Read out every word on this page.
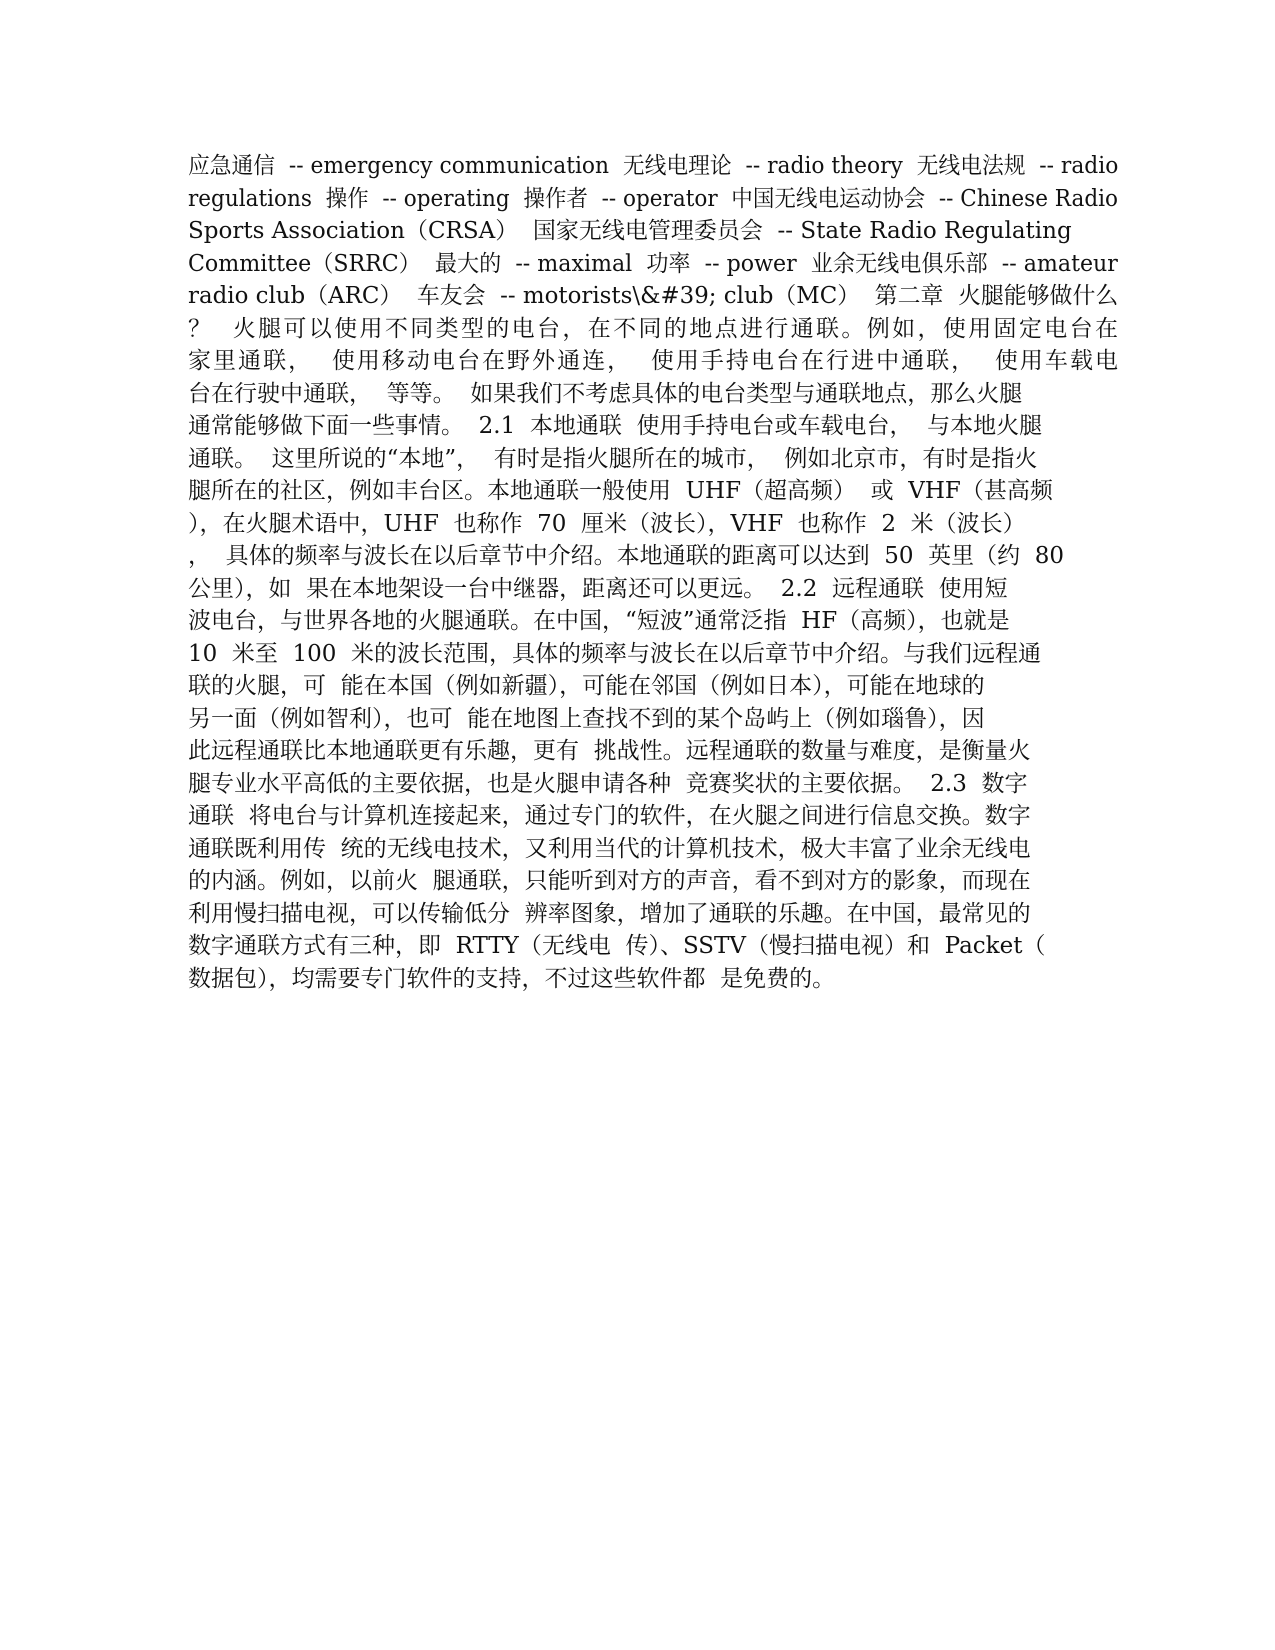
应急通信  -- emergency communication  无线电理论  -- radio theory  无线电法规  -- radio
regulations  操作  -- operating  操作者  -- operator  中国无线电运动协会  -- Chinese Radio
Sports Association（CRSA）  国家无线电管理委员会  -- State Radio Regulating
Committee（SRRC）  最大的  -- maximal  功率  -- power  业余无线电俱乐部  -- amateur
radio club（ARC）  车友会  -- motorists\&#39; club（MC）  第二章  火腿能够做什么
？  火腿可以使用不同类型的电台，在不同的地点进行通联。例如，使用固定电台在
家里通联，  使用移动电台在野外通连，  使用手持电台在行进中通联，  使用车载电
台在行驶中通联，  等等。  如果我们不考虑具体的电台类型与通联地点，那么火腿
通常能够做下面一些事情。  2.1  本地通联  使用手持电台或车载电台，  与本地火腿
通联。  这里所说的“本地”，  有时是指火腿所在的城市，  例如北京市，有时是指火
腿所在的社区，例如丰台区。本地通联一般使用  UHF（超高频）  或  VHF（甚高频
），在火腿术语中，UHF  也称作  70  厘米（波长），VHF  也称作  2  米（波长）
，  具体的频率与波长在以后章节中介绍。本地通联的距离可以达到  50  英里（约  80
公里），如  果在本地架设一台中继器，距离还可以更远。  2.2  远程通联  使用短
波电台，与世界各地的火腿通联。在中国，“短波”通常泛指  HF（高频），也就是
10  米至  100  米的波长范围，具体的频率与波长在以后章节中介绍。与我们远程通
联的火腿，可  能在本国（例如新疆），可能在邻国（例如日本），可能在地球的
另一面（例如智利），也可  能在地图上查找不到的某个岛屿上（例如瑙鲁），因
此远程通联比本地通联更有乐趣，更有  挑战性。远程通联的数量与难度，是衡量火
腿专业水平高低的主要依据，也是火腿申请各种  竞赛奖状的主要依据。  2.3  数字
通联  将电台与计算机连接起来，通过专门的软件，在火腿之间进行信息交换。数字
通联既利用传  统的无线电技术，又利用当代的计算机技术，极大丰富了业余无线电
的内涵。例如，以前火  腿通联，只能听到对方的声音，看不到对方的影象，而现在
利用慢扫描电视，可以传输低分  辨率图象，增加了通联的乐趣。在中国，最常见的
数字通联方式有三种，即  RTTY（无线电  传）、SSTV（慢扫描电视）和  Packet（
数据包），均需要专门软件的支持，不过这些软件都  是免费的。
